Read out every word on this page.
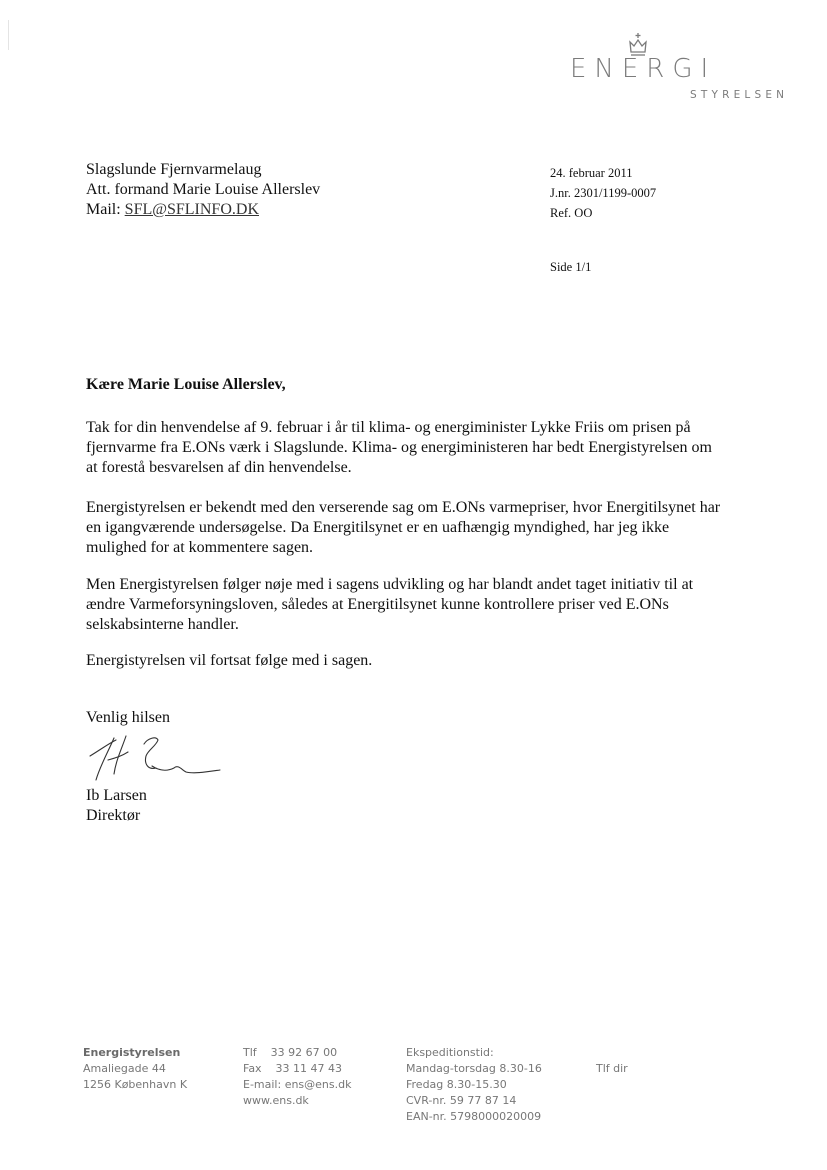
ENERGI
STYRELSEN
Slagslunde Fjernvarmelaug
Att. formand Marie Louise Allerslev
Mail: SFL@SFLINFO.DK
24. februar 2011
J.nr. 2301/1199-0007
Ref. OO
Side 1/1
Kære Marie Louise Allerslev,

Tak for din henvendelse af 9. februar i år til klima- og energiminister Lykke Friis om prisen på fjernvarme fra E.ONs værk i Slagslunde. Klima- og energiministeren har bedt Energistyrelsen om at forestå besvarelsen af din henvendelse.

Energistyrelsen er bekendt med den verserende sag om E.ONs varmepriser, hvor Energitilsynet har en igangværende undersøgelse. Da Energitilsynet er en uafhængig myndighed, har jeg ikke mulighed for at kommentere sagen.

Men Energistyrelsen følger nøje med i sagens udvikling og har blandt andet taget initiativ til at ændre Varmeforsyningsloven, således at Energitilsynet kunne kontrollere priser ved E.ONs selskabsinterne handler.

Energistyrelsen vil fortsat følge med i sagen.

Venlig hilsen
Ib Larsen
Direktør
Energistyrelsen
Amaliegade 44
1256 København K
Tlf    33 92 67 00
Fax    33 11 47 43
E-mail: ens@ens.dk
www.ens.dk
Ekspeditionstid:
Mandag-torsdag 8.30-16
Fredag 8.30-15.30
CVR-nr. 59 77 87 14
EAN-nr. 5798000020009
Tlf dir
